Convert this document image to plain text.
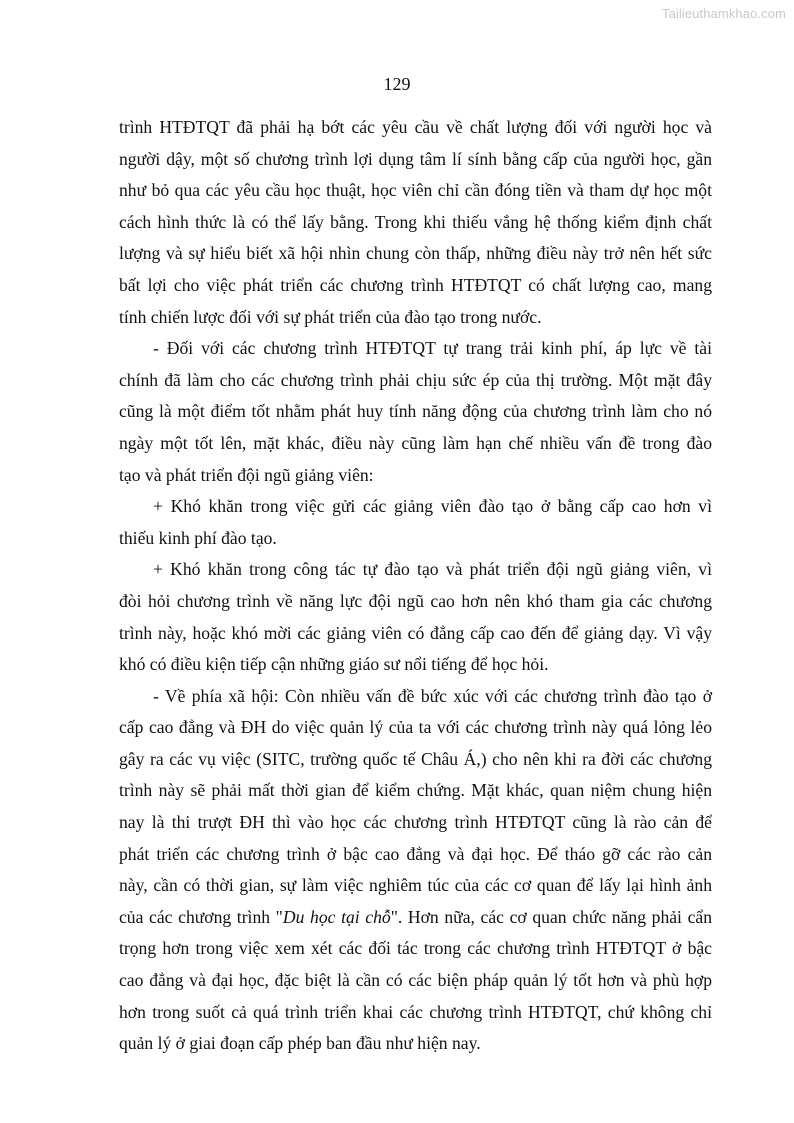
Tailieuthamkhao.com
129
trình HTĐTQT đã phải hạ bớt các yêu cầu về chất lượng đối với người học và
người dậy, một số chương trình lợi dụng tâm lí sính bằng cấp của người học, gần
như bỏ qua các yêu cầu học thuật, học viên chỉ cần đóng tiền và tham dự học một
cách hình thức là có thể lấy bằng. Trong khi thiếu vắng hệ thống kiểm định chất
lượng và sự hiểu biết xã hội nhìn chung còn thấp, những điều này trở nên hết sức
bất lợi cho việc phát triển các chương trình HTĐTQT có chất lượng cao, mang
tính chiến lược đối với sự phát triển của đào tạo trong nước.
- Đối với các chương trình HTĐTQT tự trang trải kinh phí, áp lực về tài
chính đã làm cho các chương trình phải chịu sức ép của thị trường. Một mặt đây
cũng là một điểm tốt nhằm phát huy tính năng động của chương trình làm cho nó
ngày một tốt lên, mặt khác, điều này cũng làm hạn chế nhiều vấn đề trong đào
tạo và phát triển đội ngũ giảng viên:
+ Khó khăn trong việc gửi các giảng viên đào tạo ở bằng cấp cao hơn vì
thiếu kinh phí đào tạo.
+ Khó khăn trong công tác tự đào tạo và phát triển đội ngũ giảng viên, vì
đòi hỏi chương trình về năng lực đội ngũ cao hơn nên khó tham gia các chương
trình này, hoặc khó mời các giảng viên có đẳng cấp cao đến để giảng dạy. Vì vậy
khó có điều kiện tiếp cận những giáo sư nổi tiếng để học hỏi.
- Về phía xã hội: Còn nhiều vấn đề bức xúc với các chương trình đào tạo ở
cấp cao đẳng và ĐH do việc quản lý của ta với các chương trình này quá lỏng lẻo
gây ra các vụ việc (SITC, trường quốc tế Châu Á,) cho nên khi ra đời các chương
trình này sẽ phải mất thời gian để kiểm chứng. Mặt khác, quan niệm chung hiện
nay là thi trượt ĐH thì vào học các chương trình HTĐTQT cũng là rào cản để
phát triển các chương trình ở bậc cao đẳng và đại học. Để tháo gỡ các rào cản
này, cần có thời gian, sự làm việc nghiêm túc của các cơ quan để lấy lại hình ảnh
của các chương trình "Du học tại chỗ". Hơn nữa, các cơ quan chức năng phải cẩn
trọng hơn trong việc xem xét các đối tác trong các chương trình HTĐTQT ở bậc
cao đẳng và đại học, đặc biệt là cần có các biện pháp quản lý tốt hơn và phù hợp
hơn trong suốt cả quá trình triển khai các chương trình HTĐTQT, chứ không chỉ
quản lý ở giai đoạn cấp phép ban đầu như hiện nay.
